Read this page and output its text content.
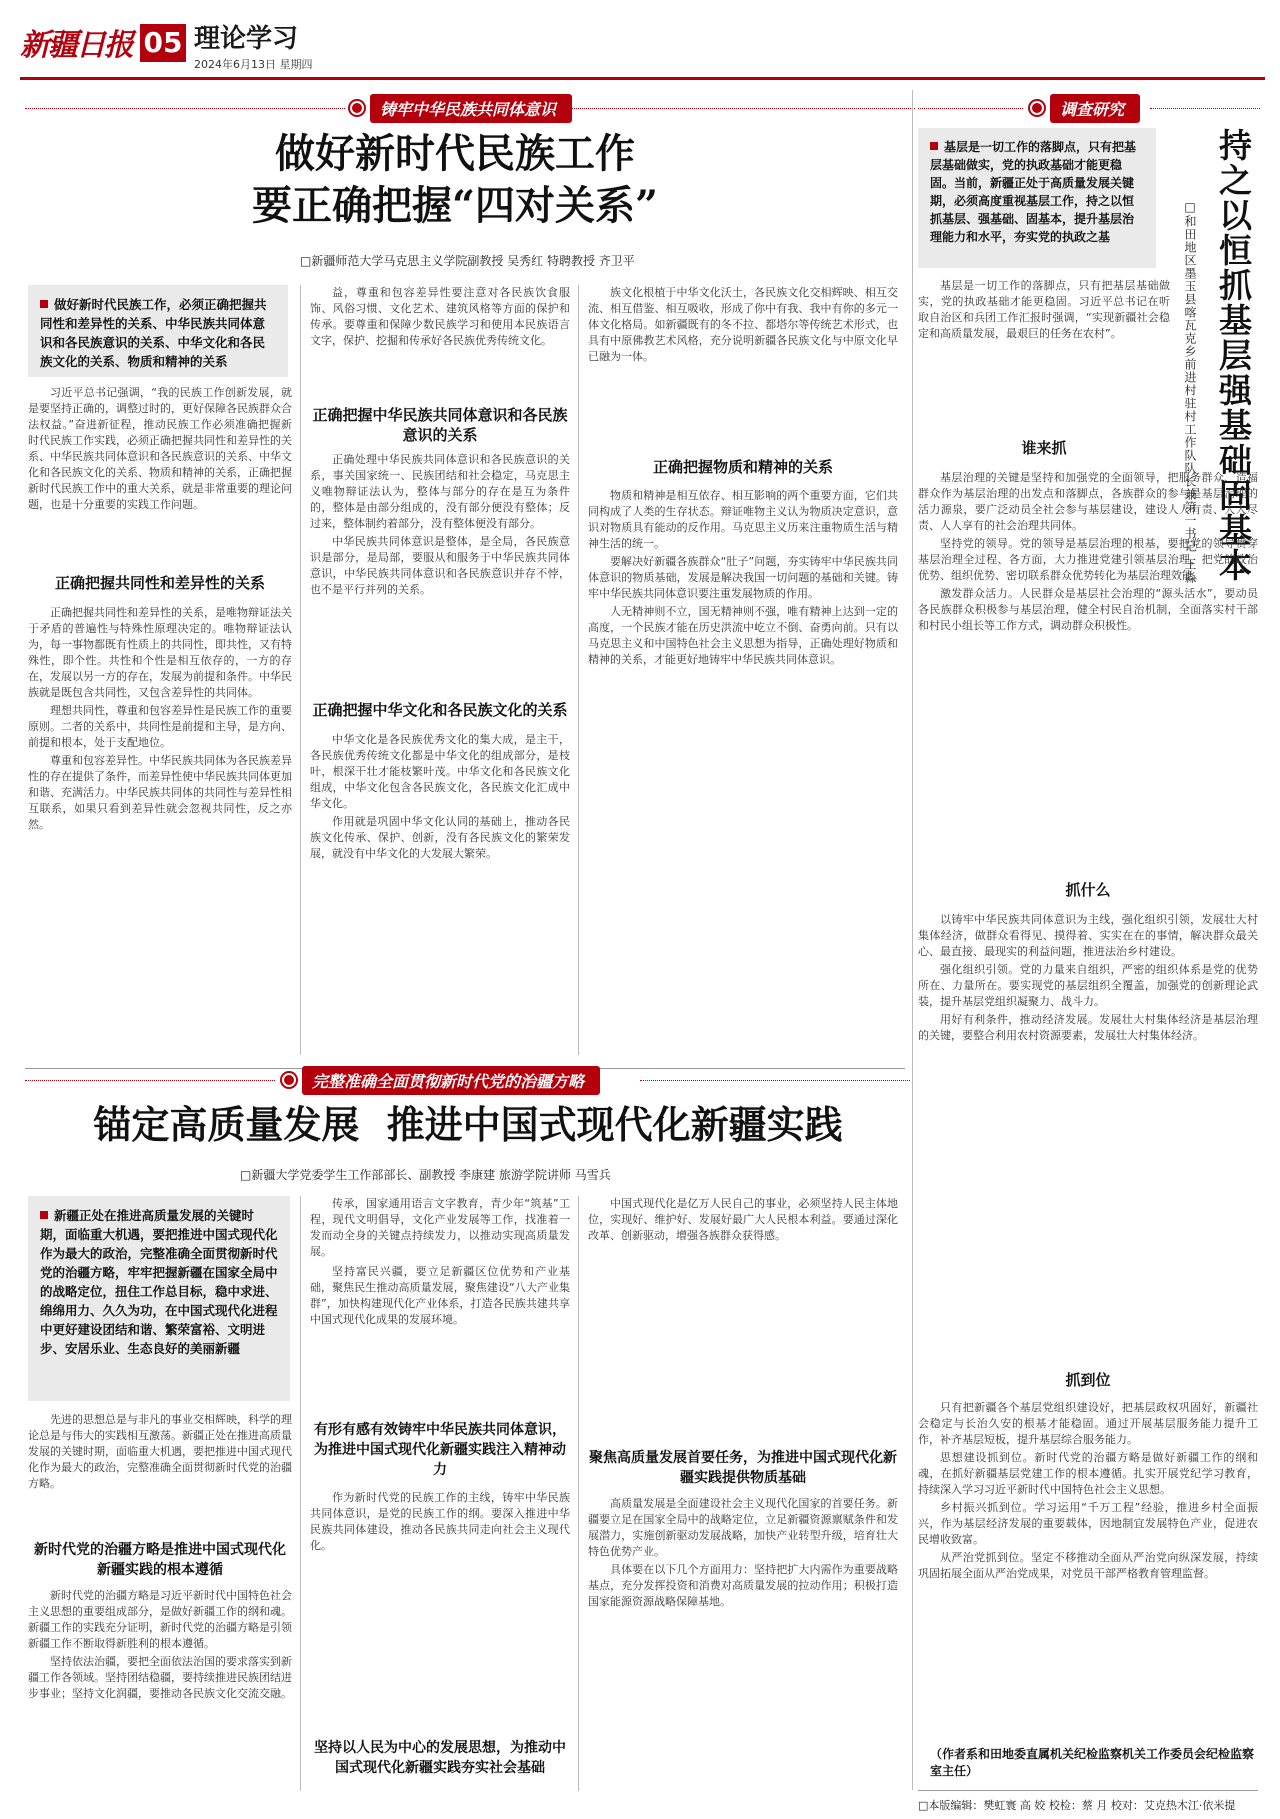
新疆日报 05 理论学习
2024年6月13日 星期四
铸牢中华民族共同体意识
做好新时代民族工作
要正确把握“四对关系”
□新疆师范大学马克思主义学院副教授 吴秀红 特聘教授 齐卫平
做好新时代民族工作，必须正确把握共同性和差异性的关系、中华民族共同体意识和各民族意识的关系、中华文化和各民族文化的关系、物质和精神的关系

习近平总书记强调，“我的民族工作创新发展，就是要坚持正确的，调整过时的，更好保障各民族群众合法权益。”奋进新征程，推动民族工作必须准确把握新时代民族工作实践，必须正确把握共同性和差异性的关系、中华民族共同体意识和各民族意识的关系、中华文化和各民族文化的关系、物质和精神的关系，正确把握新时代民族工作中的重大关系，就是非常重要的理论问题，也是十分重要的实践工作问题。

正确把握共同性和差异性的关系

正确把握共同性和差异性的关系，是唯物辩证法关于矛盾的普遍性与特殊性原理决定的。唯物辩证法认为，每一事物都既有性质上的共同性，即共性，又有特殊性，即个性。共性和个性是相互依存的，一方的存在，发展以另一方的存在，发展为前提和条件。中华民族就是既包含共同性，又包含差异性的共同体。

理想共同性，尊重和包容差异性是民族工作的重要原则。二者的关系中，共同性是前提和主导，是方向、前提和根本，处于支配地位。

尊重和包容差异性。中华民族共同体为各民族差异性的存在提供了条件，而差异性使中华民族共同体更加和谐、充满活力。中华民族共同体的共同性与差异性相互联系，如果只看到差异性就会忽视共同性，反之亦然。

益，尊重和包容差异性要注意对各民族饮食服饰、风俗习惯、文化艺术、建筑风格等方面的保护和传承。要尊重和保障少数民族学习和使用本民族语言文字，保护、挖掘和传承好各民族优秀传统文化。

正确把握中华民族共同体意识和各民族意识的关系

正确处理中华民族共同体意识和各民族意识的关系，事关国家统一、民族团结和社会稳定，马克思主义唯物辩证法认为，整体与部分的存在是互为条件的，整体是由部分组成的，没有部分便没有整体；反过来，整体制约着部分，没有整体便没有部分。

中华民族共同体意识是整体，是全局，各民族意识是部分，是局部，要服从和服务于中华民族共同体意识，中华民族共同体意识和各民族意识并存不悖，也不是平行并列的关系。

正确把握中华文化和各民族文化的关系

中华文化是各民族优秀文化的集大成，是主干，各民族优秀传统文化都是中华文化的组成部分，是枝叶，根深干壮才能枝繁叶茂。中华文化和各民族文化组成，中华文化包含各民族文化，各民族文化汇成中华文化。

作用就是巩固中华文化认同的基础上，推动各民族文化传承、保护、创新，没有各民族文化的繁荣发展，就没有中华文化的大发展大繁荣。

族文化根植于中华文化沃土，各民族文化交相辉映、相互交流、相互借鉴、相互吸收，形成了你中有我、我中有你的多元一体文化格局。如新疆既有的冬不拉、都塔尔等传统艺术形式，也具有中原佛教艺术风格，充分说明新疆各民族文化与中原文化早已融为一体。

正确把握物质和精神的关系

物质和精神是相互依存、相互影响的两个重要方面，它们共同构成了人类的生存状态。辩证唯物主义认为物质决定意识，意识对物质具有能动的反作用。马克思主义历来注重物质生活与精神生活的统一。

要解决好新疆各族群众“肚子”问题，夯实铸牢中华民族共同体意识的物质基础，发展是解决我国一切问题的基础和关键。铸牢中华民族共同体意识要注重发展物质的作用。

人无精神则不立，国无精神则不强，唯有精神上达到一定的高度，一个民族才能在历史洪流中屹立不倒、奋勇向前。只有以马克思主义和中国特色社会主义思想为指导，正确处理好物质和精神的关系，才能更好地铸牢中华民族共同体意识。

完整准确全面贯彻新时代党的治疆方略
锚定高质量发展 推进中国式现代化新疆实践
□新疆大学党委学生工作部部长、副教授 李康建 旅游学院讲师 马雪兵
新疆正处在推进高质量发展的关键时期，面临重大机遇，要把推进中国式现代化作为最大的政治，完整准确全面贯彻新时代党的治疆方略，牢牢把握新疆在国家全局中的战略定位，扭住工作总目标，稳中求进、绵绵用力、久久为功，在中国式现代化进程中更好建设团结和谐、繁荣富裕、文明进步、安居乐业、生态良好的美丽新疆

先进的思想总是与非凡的事业交相辉映，科学的理论总是与伟大的实践相互激荡。新疆正处在推进高质量发展的关键时期，面临重大机遇，要把推进中国式现代化作为最大的政治，完整准确全面贯彻新时代党的治疆方略。

新时代党的治疆方略是推进中国式现代化新疆实践的根本遵循

新时代党的治疆方略是习近平新时代中国特色社会主义思想的重要组成部分，是做好新疆工作的纲和魂。新疆工作的实践充分证明，新时代党的治疆方略是引领新疆工作不断取得新胜利的根本遵循。

坚持依法治疆，要把全面依法治国的要求落实到新疆工作各领域。坚持团结稳疆，要持续推进民族团结进步事业；坚持文化润疆，要推动各民族文化交流交融。

传承，国家通用语言文字教育，青少年“筑基”工程，现代文明倡导，文化产业发展等工作，找准着一发而动全身的关键点持续发力，以推动实现高质量发展。

坚持富民兴疆，要立足新疆区位优势和产业基础，聚焦民生推动高质量发展，聚焦建设“八大产业集群”，加快构建现代化产业体系，打造各民族共建共享中国式现代化成果的发展环境。

有形有感有效铸牢中华民族共同体意识，为推进中国式现代化新疆实践注入精神动力

作为新时代党的民族工作的主线，铸牢中华民族共同体意识，是党的民族工作的纲。要深入推进中华民族共同体建设，推动各民族共同走向社会主义现代化。

坚持以人民为中心的发展思想，为推动中国式现代化新疆实践夯实社会基础

中国式现代化是亿万人民自己的事业，必须坚持人民主体地位，实现好、维护好、发展好最广大人民根本利益。要通过深化改革、创新驱动，增强各族群众获得感。

聚焦高质量发展首要任务，为推进中国式现代化新疆实践提供物质基础

高质量发展是全面建设社会主义现代化国家的首要任务。新疆要立足在国家全局中的战略定位，立足新疆资源禀赋条件和发展潜力，实施创新驱动发展战略，加快产业转型升级，培育壮大特色优势产业。

具体要在以下几个方面用力：坚持把扩大内需作为重要战略基点，充分发挥投资和消费对高质量发展的拉动作用；积极打造国家能源资源战略保障基地。

调查研究
基层是一切工作的落脚点，只有把基层基础做实，党的执政基础才能更稳固。当前，新疆正处于高质量发展关键期，必须高度重视基层工作，持之以恒抓基层、强基础、固基本，提升基层治理能力和水平，夯实党的执政之基	持之以恒抓基层强基础固基本
□和田地区墨玉县喀瓦克乡前进村驻村工作队队长兼第一书记 王淼

基层是一切工作的落脚点，只有把基层基础做实，党的执政基础才能更稳固。习近平总书记在听取自治区和兵团工作汇报时强调，“实现新疆社会稳定和高质量发展，最艰巨的任务在农村”。

谁来抓

基层治理的关键是坚持和加强党的全面领导，把服务群众、造福群众作为基层治理的出发点和落脚点，各族群众的参与是基层治理的活力源泉，要广泛动员全社会参与基层建设，建设人人有责、人人尽责、人人享有的社会治理共同体。

坚持党的领导。党的领导是基层治理的根基，要把党的领导贯穿基层治理全过程、各方面，大力推进党建引领基层治理，把党的政治优势、组织优势、密切联系群众优势转化为基层治理效能。

激发群众活力。人民群众是基层社会治理的“源头活水”，要动员各民族群众积极参与基层治理，健全村民自治机制，全面落实村干部和村民小组长等工作方式，调动群众积极性。

抓什么

以铸牢中华民族共同体意识为主线，强化组织引领，发展壮大村集体经济，做群众看得见、摸得着、实实在在的事情，解决群众最关心、最直接、最现实的利益问题，推进法治乡村建设。

强化组织引领。党的力量来自组织，严密的组织体系是党的优势所在、力量所在。要实现党的基层组织全覆盖，加强党的创新理论武装，提升基层党组织凝聚力、战斗力。

用好有利条件，推动经济发展。发展壮大村集体经济是基层治理的关键，要整合利用农村资源要素，发展壮大村集体经济。

抓到位

只有把新疆各个基层党组织建设好，把基层政权巩固好，新疆社会稳定与长治久安的根基才能稳固。通过开展基层服务能力提升工作，补齐基层短板，提升基层综合服务能力。

思想建设抓到位。新时代党的治疆方略是做好新疆工作的纲和魂，在抓好新疆基层党建工作的根本遵循。扎实开展党纪学习教育，持续深入学习习近平新时代中国特色社会主义思想。

乡村振兴抓到位。学习运用“千万工程”经验，推进乡村全面振兴，作为基层经济发展的重要载体，因地制宜发展特色产业，促进农民增收致富。

从严治党抓到位。坚定不移推动全面从严治党向纵深发展，持续巩固拓展全面从严治党成果，对党员干部严格教育管理监督。

（作者系和田地委直属机关纪检监察机关工作委员会纪检监察室主任）
□本版编辑：樊虹寰 高 姣 校检：蔡 月 校对：艾克热木江·依米提
